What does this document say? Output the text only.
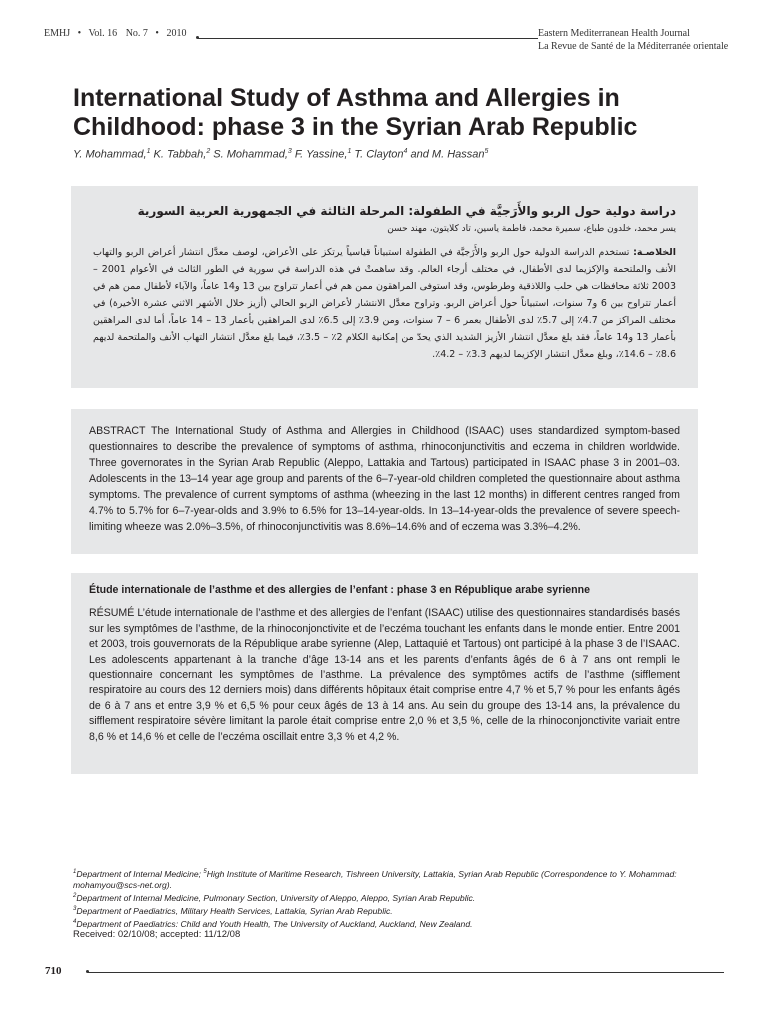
EMHJ • Vol. 16 No. 7 • 2010	Eastern Mediterranean Health Journal
La Revue de Santé de la Méditerranée orientale
International Study of Asthma and Allergies in Childhood: phase 3 in the Syrian Arab Republic
Y. Mohammad,$^1$ K. Tabbah,$^2$ S. Mohammad,$^3$ F. Yassine,$^1$ T. Clayton$^4$ and M. Hassan$^5$

دراسة دولية حول الربو والأَرَجيَّة في الطفولة: المرحلة الثالثة في الجمهورية العربية السورية

يسر محمد، خلدون طباع، سميرة محمد، فاطمة ياسين، تاد كلايتون، مهند حسن

الخلاصـة: تستخدم الدراسة الدولية حول الربو والأَرَجيَّة في الطفولة استبياناً قياسياً يرتكز على الأعراض، لوصف معدَّل انتشار أعراض الربو والتهاب الأنف والملتحمة والإكزيما لدى الأطفال، في مختلف أرجاء العالم. وقد ساهمتْ في هذه الدراسة في سورية في الطور الثالث في الأعوام 2001 – 2003 ثلاثة محافظات هي حلب واللاذقية وطرطوس، وقد استوفى المراهقون ممن هم في أعمار تتراوح بين 13 و14 عاماً، والآباء لأطفال ممن هم في أعمار تتراوح بين 6 و7 سنوات، استبياناً حول أعراض الربو. وتراوح معدَّل الانتشار لأعراض الربو الحالي (أزيز خلال الأشهر الاثني عشرة الأخيرة) في مختلف المراكز من 4.7٪ إلى 5.7٪ لدى الأطفال بعمر 6 – 7 سنوات، ومن 3.9٪ إلى 6.5٪ لدى المراهقين بأعمار 13 – 14 عاماً، أما لدى المراهقين بأعمار 13 و14 عاماً، فقد بلغ معدَّل انتشار الأزيز الشديد الذي يحدّ من إمكانية الكلام 2٪ – 3.5٪، فيما بلغ معدَّل انتشار التهاب الأنف والملتحمة لديهم 8.6٪ – 14.6٪، وبلغ معدَّل انتشار الإكزيما لديهم 3.3٪ – 4.2٪.

ABSTRACT The International Study of Asthma and Allergies in Childhood (ISAAC) uses standardized symptom-based questionnaires to describe the prevalence of symptoms of asthma, rhinoconjunctivitis and eczema in children worldwide. Three governorates in the Syrian Arab Republic (Aleppo, Lattakia and Tartous) participated in ISAAC phase 3 in 2001–03. Adolescents in the 13–14 year age group and parents of the 6–7-year-old children completed the questionnaire about asthma symptoms. The prevalence of current symptoms of asthma (wheezing in the last 12 months) in different centres ranged from 4.7% to 5.7% for 6–7-year-olds and 3.9% to 6.5% for 13–14-year-olds. In 13–14-year-olds the prevalence of severe speech-limiting wheeze was 2.0%–3.5%, of rhinoconjunctivitis was 8.6%–14.6% and of eczema was 3.3%–4.2%.

Étude internationale de l’asthme et des allergies de l’enfant : phase 3 en République arabe syrienne

RÉSUMÉ L’étude internationale de l’asthme et des allergies de l’enfant (ISAAC) utilise des questionnaires standardisés basés sur les symptômes de l’asthme, de la rhinoconjonctivite et de l’eczéma touchant les enfants dans le monde entier. Entre 2001 et 2003, trois gouvernorats de la République arabe syrienne (Alep, Lattaquié et Tartous) ont participé à la phase 3 de l’ISAAC. Les adolescents appartenant à la tranche d’âge 13-14 ans et les parents d’enfants âgés de 6 à 7 ans ont rempli le questionnaire concernant les symptômes de l’asthme. La prévalence des symptômes actifs de l’asthme (sifflement respiratoire au cours des 12 derniers mois) dans différents hôpitaux était comprise entre 4,7 % et 5,7 % pour les enfants âgés de 6 à 7 ans et entre 3,9 % et 6,5 % pour ceux âgés de 13 à 14 ans. Au sein du groupe des 13-14 ans, la prévalence du sifflement respiratoire sévère limitant la parole était comprise entre 2,0 % et 3,5 %, celle de la rhinoconjonctivite variait entre 8,6 % et 14,6 % et celle de l’eczéma oscillait entre 3,3 % et 4,2 %.

$^1$Department of Internal Medicine; $^5$High Institute of Maritime Research, Tishreen University, Lattakia, Syrian Arab Republic (Correspondence to Y. Mohammad: mohamyou@scs-net.org).

$^2$Department of Internal Medicine, Pulmonary Section, University of Aleppo, Aleppo, Syrian Arab Republic.

$^3$Department of Paediatrics, Military Health Services, Lattakia, Syrian Arab Republic.

$^4$Department of Paediatrics: Child and Youth Health, The University of Auckland, Auckland, New Zealand.

Received: 02/10/08; accepted: 11/12/08
710
